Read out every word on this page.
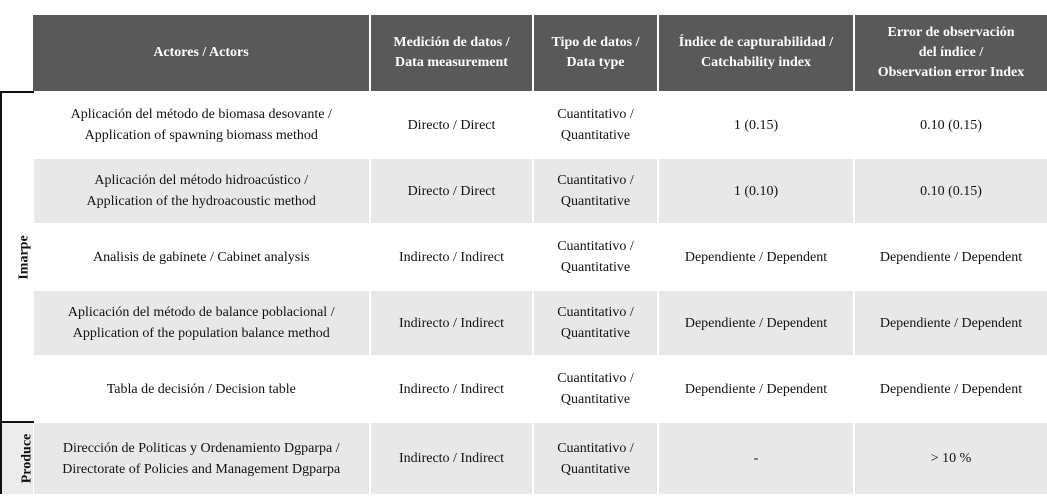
	Actores / Actors	Medición de datos /
Data measurement	Tipo de datos /
Data type	Índice de capturabilidad /
Catchability index	Error de observación
del índice /
Observation error Index

Imarpe	Aplicación del método de biomasa desovante /
Application of spawning biomass method	Directo / Direct	Cuantitativo /
Quantitative	1 (0.15)	0.10 (0.15)

	Aplicación del método hidroacústico /
Application of the hydroacoustic method	Directo / Direct	Cuantitativo /
Quantitative	1 (0.10)	0.10 (0.15)

	Analisis de gabinete / Cabinet analysis	Indirecto / Indirect	Cuantitativo /
Quantitative	Dependiente / Dependent	Dependiente / Dependent

	Aplicación del método de balance poblacional /
Application of the population balance method	Indirecto / Indirect	Cuantitativo /
Quantitative	Dependiente / Dependent	Dependiente / Dependent

	Tabla de decisión / Decision table	Indirecto / Indirect	Cuantitativo /
Quantitative	Dependiente / Dependent	Dependiente / Dependent
Produce	Dirección de Politicas y Ordenamiento Dgparpa /
Directorate of Policies and Management Dgparpa	Indirecto / Indirect	Cuantitativo /
Quantitative	-	> 10 %
